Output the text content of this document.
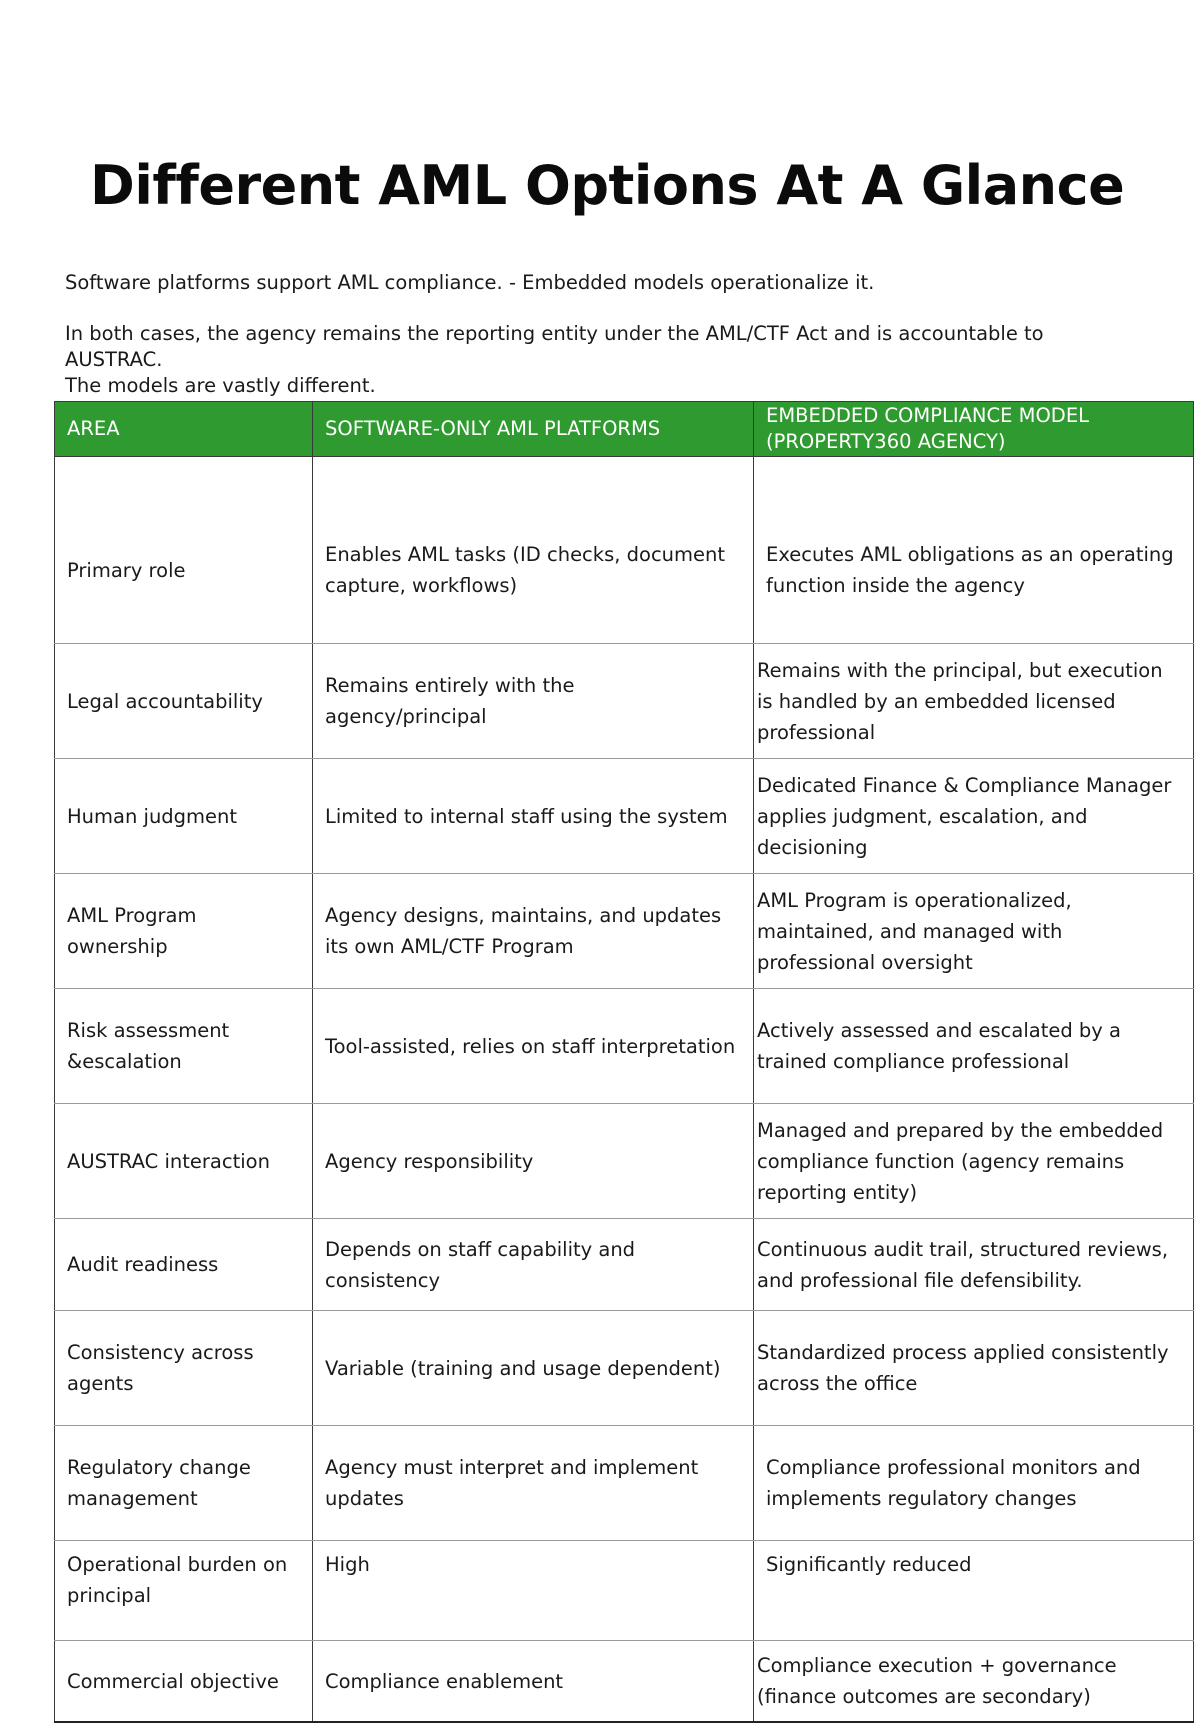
Different AML Options At A Glance

Software platforms support AML compliance. - Embedded models operationalize it.

In both cases, the agency remains the reporting entity under the AML/CTF Act and is accountable to AUSTRAC.

The models are vastly different.

AREA	SOFTWARE-ONLY AML PLATFORMS	EMBEDDED COMPLIANCE MODEL (PROPERTY360 AGENCY)
Primary role	Enables AML tasks (ID checks, document capture, workflows)	Executes AML obligations as an operating function inside the agency
Legal accountability	Remains entirely with the agency/principal	Remains with the principal, but execution is handled by an embedded licensed professional
Human judgment	Limited to internal staff using the system	Dedicated Finance & Compliance Manager applies judgment, escalation, and decisioning
AML Program ownership	Agency designs, maintains, and updates its own AML/CTF Program	AML Program is operationalized, maintained, and managed with professional oversight
Risk assessment &escalation	Tool-assisted, relies on staff interpretation	Actively assessed and escalated by a trained compliance professional
AUSTRAC interaction	Agency responsibility	Managed and prepared by the embedded compliance function (agency remains reporting entity)
Audit readiness	Depends on staff capability and consistency	Continuous audit trail, structured reviews, and professional file defensibility.
Consistency across agents	Variable (training and usage dependent)	Standardized process applied consistently across the office
Regulatory change management	Agency must interpret and implement updates	Compliance professional monitors and implements regulatory changes
Operational burden on principal	High	Significantly reduced
Commercial objective	Compliance enablement	Compliance execution + governance (finance outcomes are secondary)
